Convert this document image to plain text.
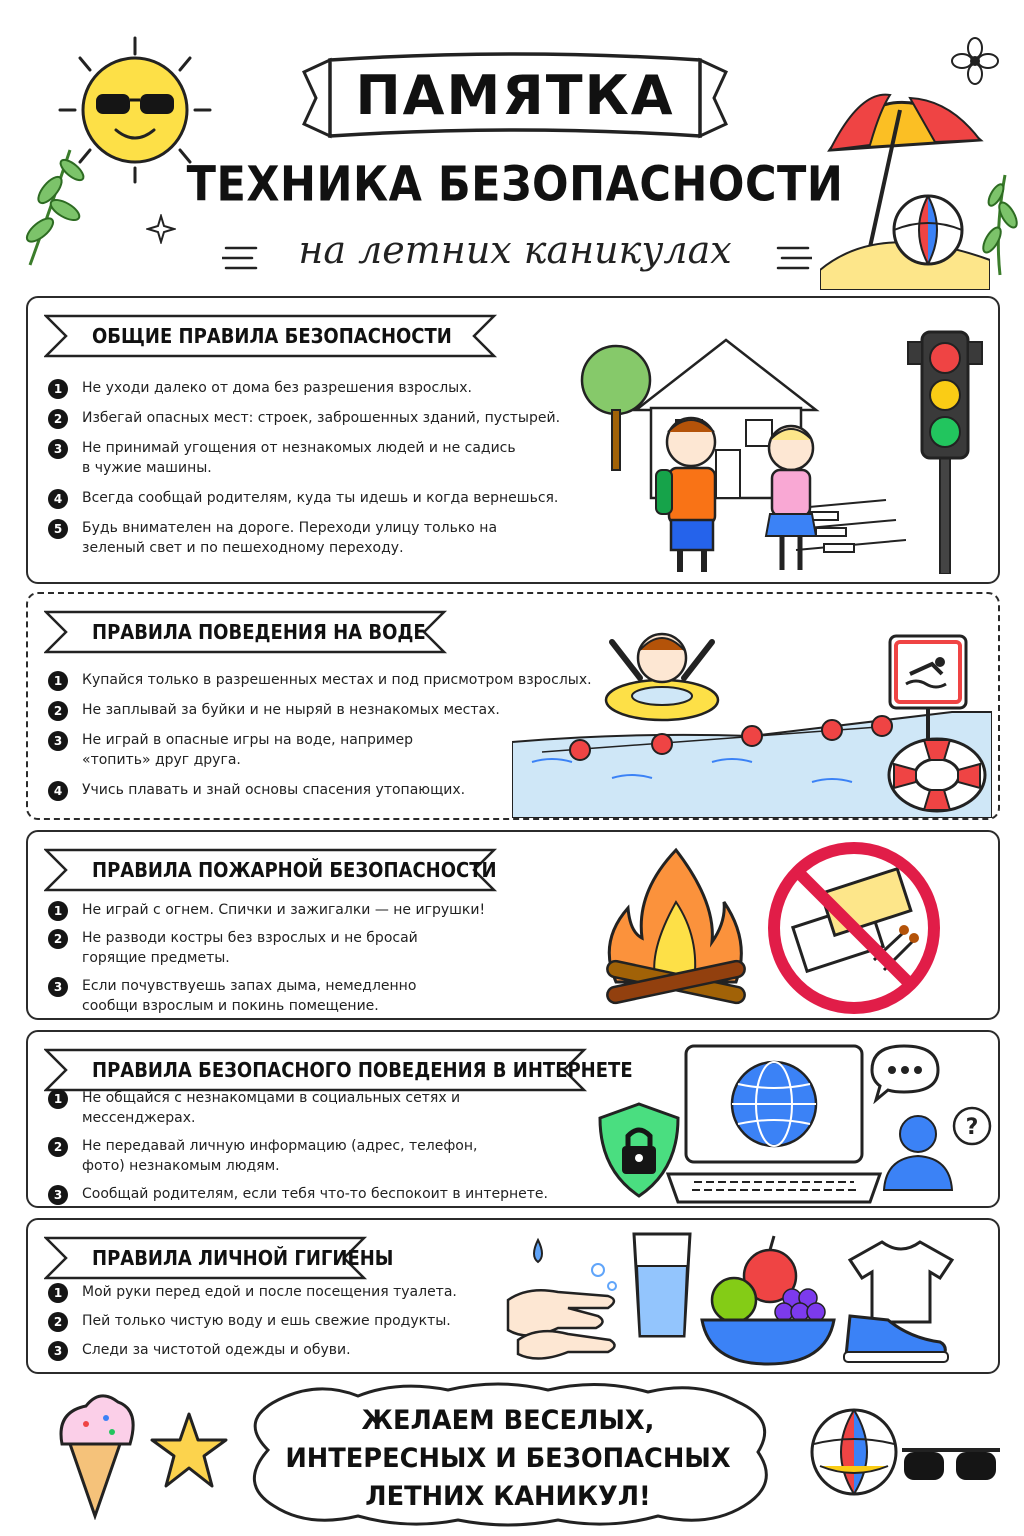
ПАМЯТКА
ТЕХНИКА БЕЗОПАСНОСТИ
на летних каникулах
ОБЩИЕ ПРАВИЛА БЕЗОПАСНОСТИ
1	Не уходи далеко от дома без разрешения взрослых.
2	Избегай опасных мест: строек, заброшенных зданий, пустырей.
3	Не принимай угощения от незнакомых людей и не садись в чужие машины.
4	Всегда сообщай родителям, куда ты идешь и когда вернешься.
5	Будь внимателен на дороге. Переходи улицу только на зеленый свет и по пешеходному переходу.
ПРАВИЛА ПОВЕДЕНИЯ НА ВОДЕ
1	Купайся только в разрешенных местах и под присмотром взрослых.
2	Не заплывай за буйки и не ныряй в незнакомых местах.
3	Не играй в опасные игры на воде, например «топить» друг друга.
4	Учись плавать и знай основы спасения утопающих.
ПРАВИЛА ПОЖАРНОЙ БЕЗОПАСНОСТИ
1	Не играй с огнем. Спички и зажигалки — не игрушки!
2	Не разводи костры без взрослых и не бросай горящие предметы.
3	Если почувствуешь запах дыма, немедленно сообщи взрослым и покинь помещение.
ПРАВИЛА БЕЗОПАСНОГО ПОВЕДЕНИЯ В ИНТЕРНЕТЕ
1	Не общайся с незнакомцами в социальных сетях и мессенджерах.
2	Не передавай личную информацию (адрес, телефон, фото) незнакомым людям.
3	Сообщай родителям, если тебя что-то беспокоит в интернете.
?
ПРАВИЛА ЛИЧНОЙ ГИГИЕНЫ
1	Мой руки перед едой и после посещения туалета.
2	Пей только чистую воду и ешь свежие продукты.
3	Следи за чистотой одежды и обуви.
ЖЕЛАЕМ ВЕСЕЛЫХ,
ИНТЕРЕСНЫХ И БЕЗОПАСНЫХ
ЛЕТНИХ КАНИКУЛ!
